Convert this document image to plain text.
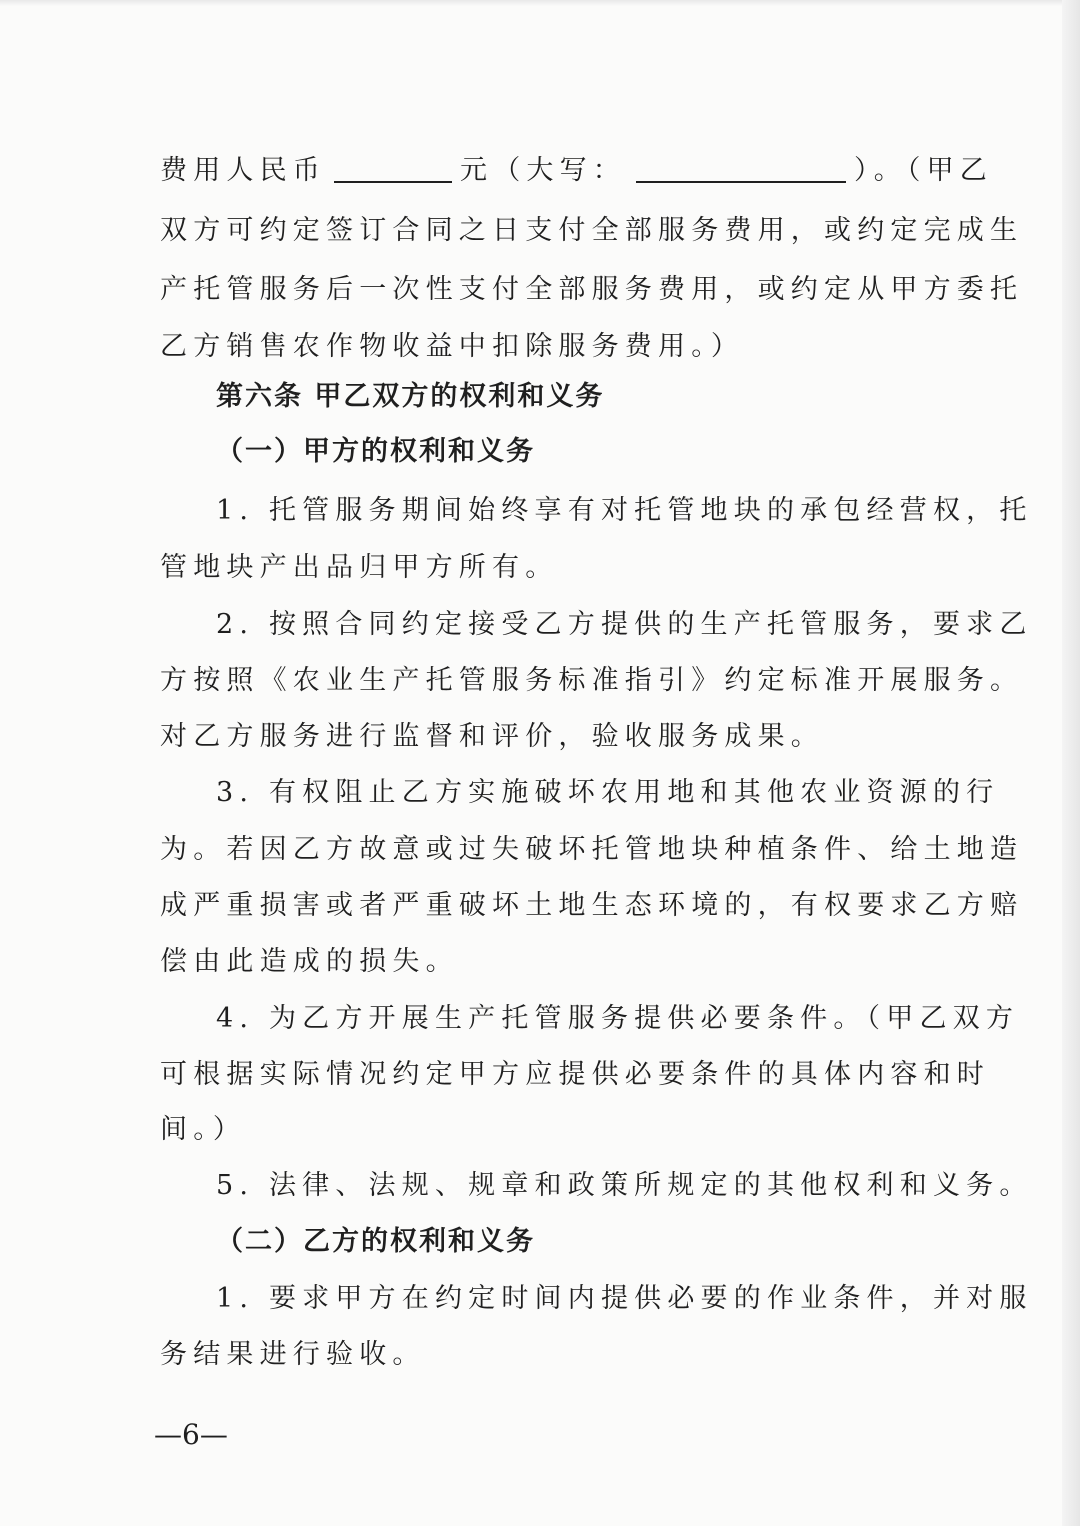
费用人民币	元（大写：	）。（甲乙
双方可约定签订合同之日支付全部服务费用，或约定完成生
产托管服务后一次性支付全部服务费用，或约定从甲方委托
乙方销售农作物收益中扣除服务费用。）
第六条 甲乙双方的权利和义务
（一）甲方的权利和义务
1. 托管服务期间始终享有对托管地块的承包经营权，托
管地块产出品归甲方所有。
2. 按照合同约定接受乙方提供的生产托管服务，要求乙
方按照《农业生产托管服务标准指引》约定标准开展服务。
对乙方服务进行监督和评价，验收服务成果。
3. 有权阻止乙方实施破坏农用地和其他农业资源的行
为。若因乙方故意或过失破坏托管地块种植条件、给土地造
成严重损害或者严重破坏土地生态环境的，有权要求乙方赔
偿由此造成的损失。
4. 为乙方开展生产托管服务提供必要条件。（甲乙双方
可根据实际情况约定甲方应提供必要条件的具体内容和时
间。）
5. 法律、法规、规章和政策所规定的其他权利和义务。
（二）乙方的权利和义务
1. 要求甲方在约定时间内提供必要的作业条件，并对服
务结果进行验收。
—6—
